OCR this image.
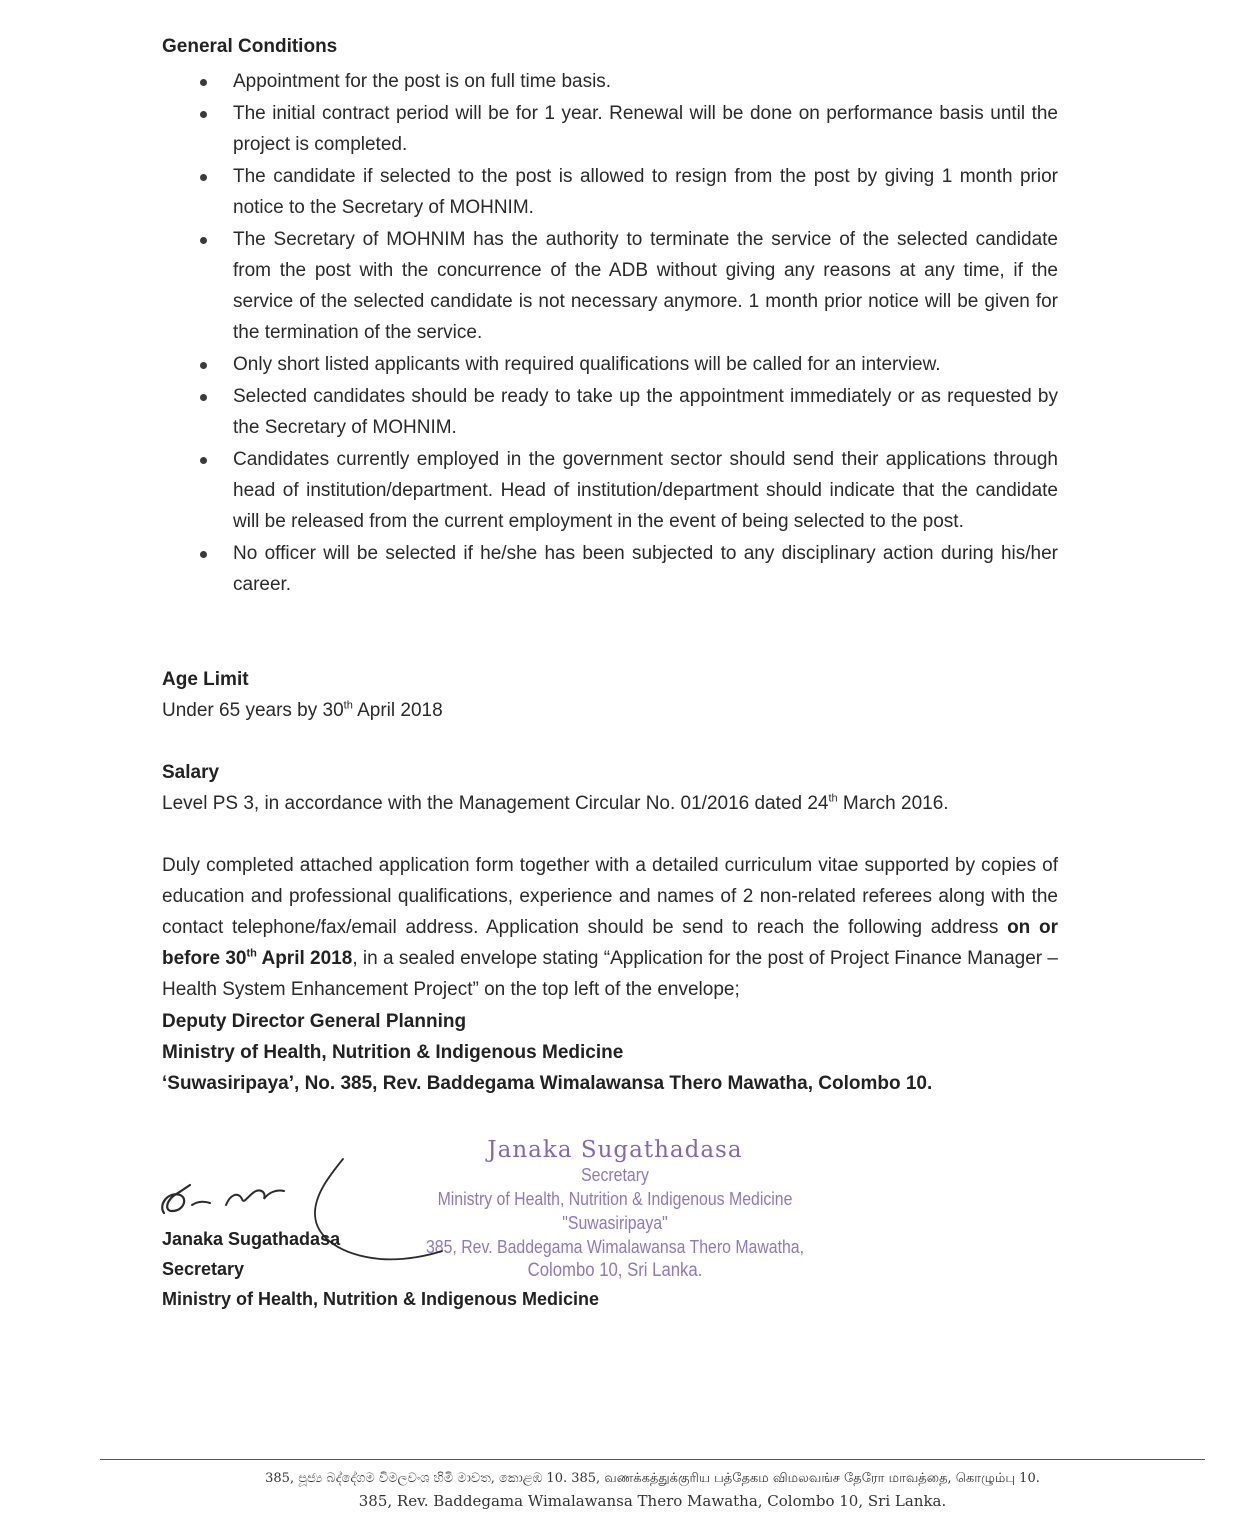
General Conditions
Appointment for the post is on full time basis.
The initial contract period will be for 1 year. Renewal will be done on performance basis until the project is completed.
The candidate if selected to the post is allowed to resign from the post by giving 1 month prior notice to the Secretary of MOHNIM.
The Secretary of MOHNIM has the authority to terminate the service of the selected candidate from the post with the concurrence of the ADB without giving any reasons at any time, if the service of the selected candidate is not necessary anymore. 1 month prior notice will be given for the termination of the service.
Only short listed applicants with required qualifications will be called for an interview.
Selected candidates should be ready to take up the appointment immediately or as requested by the Secretary of MOHNIM.
Candidates currently employed in the government sector should send their applications through head of institution/department. Head of institution/department should indicate that the candidate will be released from the current employment in the event of being selected to the post.
No officer will be selected if he/she has been subjected to any disciplinary action during his/her career.
Age Limit
Under 65 years by 30th April 2018
Salary
Level PS 3, in accordance with the Management Circular No. 01/2016 dated 24th March 2016.
Duly completed attached application form together with a detailed curriculum vitae supported by copies of education and professional qualifications, experience and names of 2 non-related referees along with the contact telephone/fax/email address. Application should be send to reach the following address on or before 30th April 2018, in a sealed envelope stating “Application for the post of Project Finance Manager – Health System Enhancement Project” on the top left of the envelope;
Deputy Director General Planning
Ministry of Health, Nutrition & Indigenous Medicine
‘Suwasiripaya’, No. 385, Rev. Baddegama Wimalawansa Thero Mawatha, Colombo 10.
Janaka Sugathadasa
Secretary
Ministry of Health, Nutrition & Indigenous Medicine
"Suwasiripaya"
385, Rev. Baddegama Wimalawansa Thero Mawatha,
Colombo 10, Sri Lanka.
Janaka Sugathadasa
Secretary
Ministry of Health, Nutrition & Indigenous Medicine
385, පූජ්‍ය බද්දේගම විමලවංශ හිමි මාවත, කොළඹ 10. 385, வணக்கத்துக்குரிய பத்தேகம விமலவங்ச தேரோ மாவத்தை, கொழும்பு 10.
385, Rev. Baddegama Wimalawansa Thero Mawatha, Colombo 10, Sri Lanka.
